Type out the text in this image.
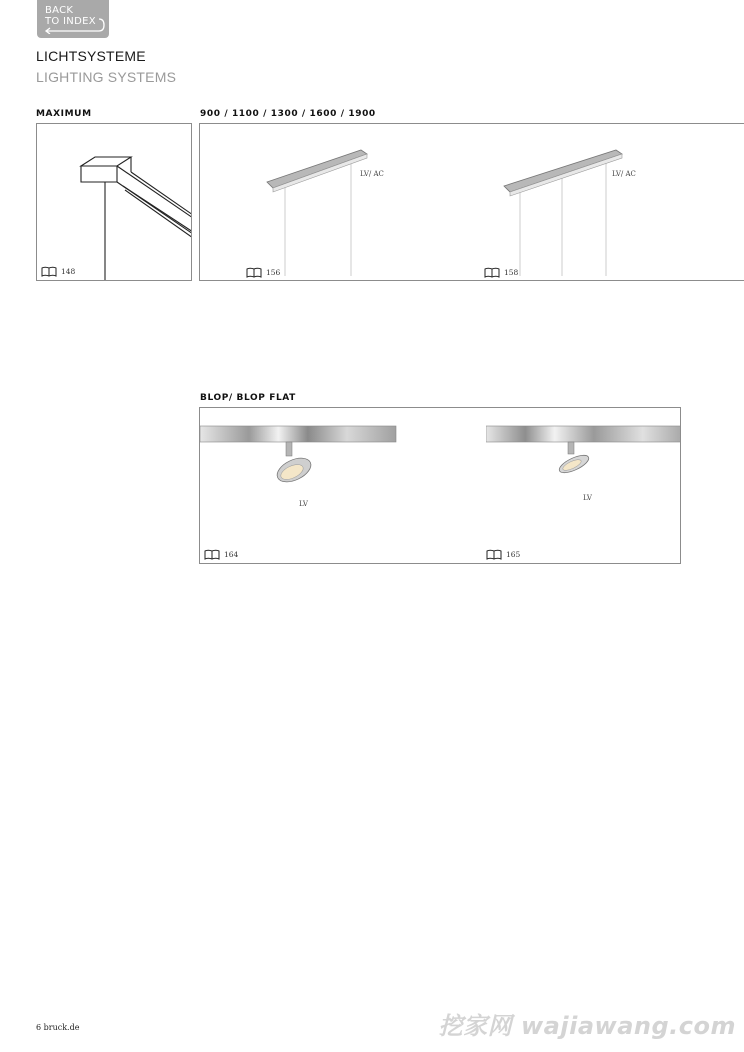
BACK
TO INDEX
LICHTSYSTEME
LIGHTING SYSTEMS
MAXIMUM	900 / 1100 / 1300 / 1600 / 1900
148
LV/ AC
156
LV/ AC
158
BLOP/ BLOP FLAT
LV
164
LV
165
6 bruck.de	挖家网 wajiawang.com
